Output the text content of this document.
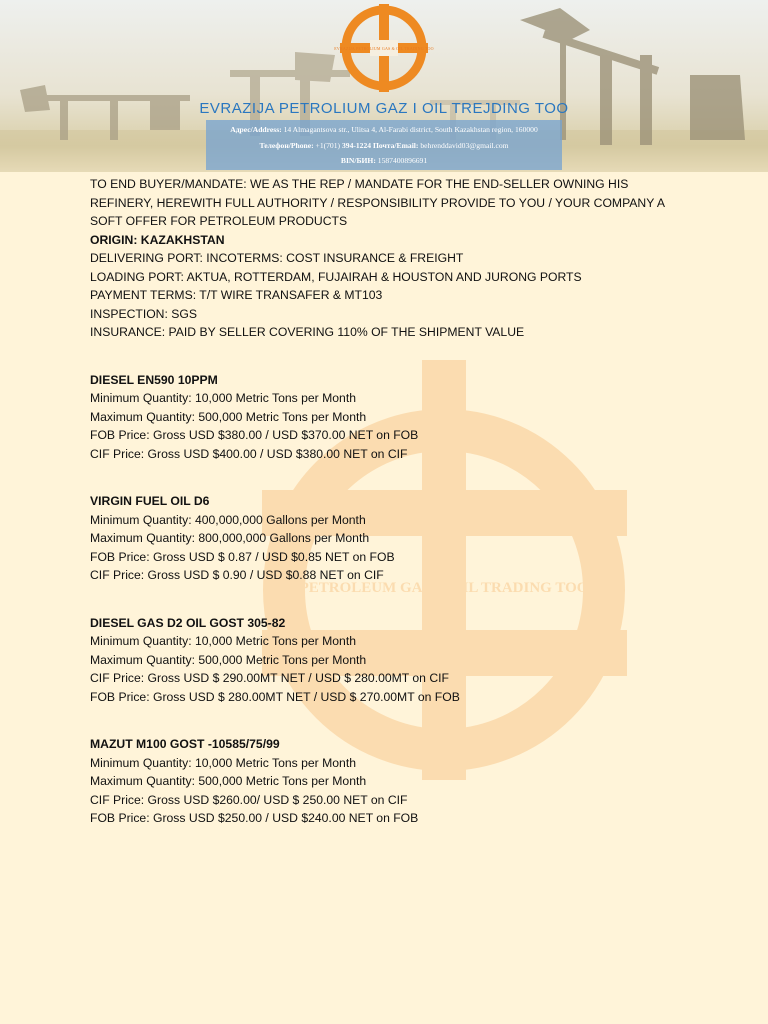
EVRAZIJA PETROLIUM GAS & OIL TRADING TOO
EVRAZIJA PETROLIUM GAZ I OIL TREJDING TOO
Адрес/Address: 14 Almagantsova str., Ulitsa 4, Al-Farabi district, South Kazakhstan region, 160000
Телефон/Phone: +1(701) 394-1224 Почта/Email: behrenddavid03@gmail.com
BIN/БИН: 1587400896691
PETROLEUM GAS & OIL TRADING TOO

TO END BUYER/MANDATE: WE AS THE REP / MANDATE FOR THE END-SELLER OWNING HIS REFINERY, HEREWITH FULL AUTHORITY / RESPONSIBILITY PROVIDE TO YOU / YOUR COMPANY A SOFT OFFER FOR PETROLEUM PRODUCTS

ORIGIN: KAZAKHSTAN

DELIVERING PORT: INCOTERMS: COST INSURANCE & FREIGHT

LOADING PORT: AKTUA, ROTTERDAM, FUJAIRAH & HOUSTON AND JURONG PORTS

PAYMENT TERMS: T/T WIRE TRANSAFER & MT103

INSPECTION: SGS

INSURANCE: PAID BY SELLER COVERING 110% OF THE SHIPMENT VALUE

DIESEL EN590 10PPM

Minimum Quantity: 10,000 Metric Tons per Month

Maximum Quantity: 500,000 Metric Tons per Month

FOB Price: Gross USD $380.00 / USD $370.00 NET on FOB

CIF Price: Gross USD $400.00 / USD $380.00 NET on CIF

VIRGIN FUEL OIL D6

Minimum Quantity: 400,000,000 Gallons per Month

Maximum Quantity: 800,000,000 Gallons per Month

FOB Price: Gross USD $ 0.87 / USD $0.85 NET on FOB

CIF Price: Gross USD $ 0.90 / USD $0.88 NET on CIF

DIESEL GAS D2 OIL GOST 305-82

Minimum Quantity: 10,000 Metric Tons per Month

Maximum Quantity: 500,000 Metric Tons per Month

CIF Price: Gross USD $ 290.00MT NET / USD $ 280.00MT on CIF

FOB Price: Gross USD $ 280.00MT NET / USD $ 270.00MT on FOB

MAZUT M100 GOST -10585/75/99

Minimum Quantity: 10,000 Metric Tons per Month

Maximum Quantity: 500,000 Metric Tons per Month

CIF Price: Gross USD $260.00/ USD $ 250.00 NET on CIF

FOB Price: Gross USD $250.00 / USD $240.00 NET on FOB
